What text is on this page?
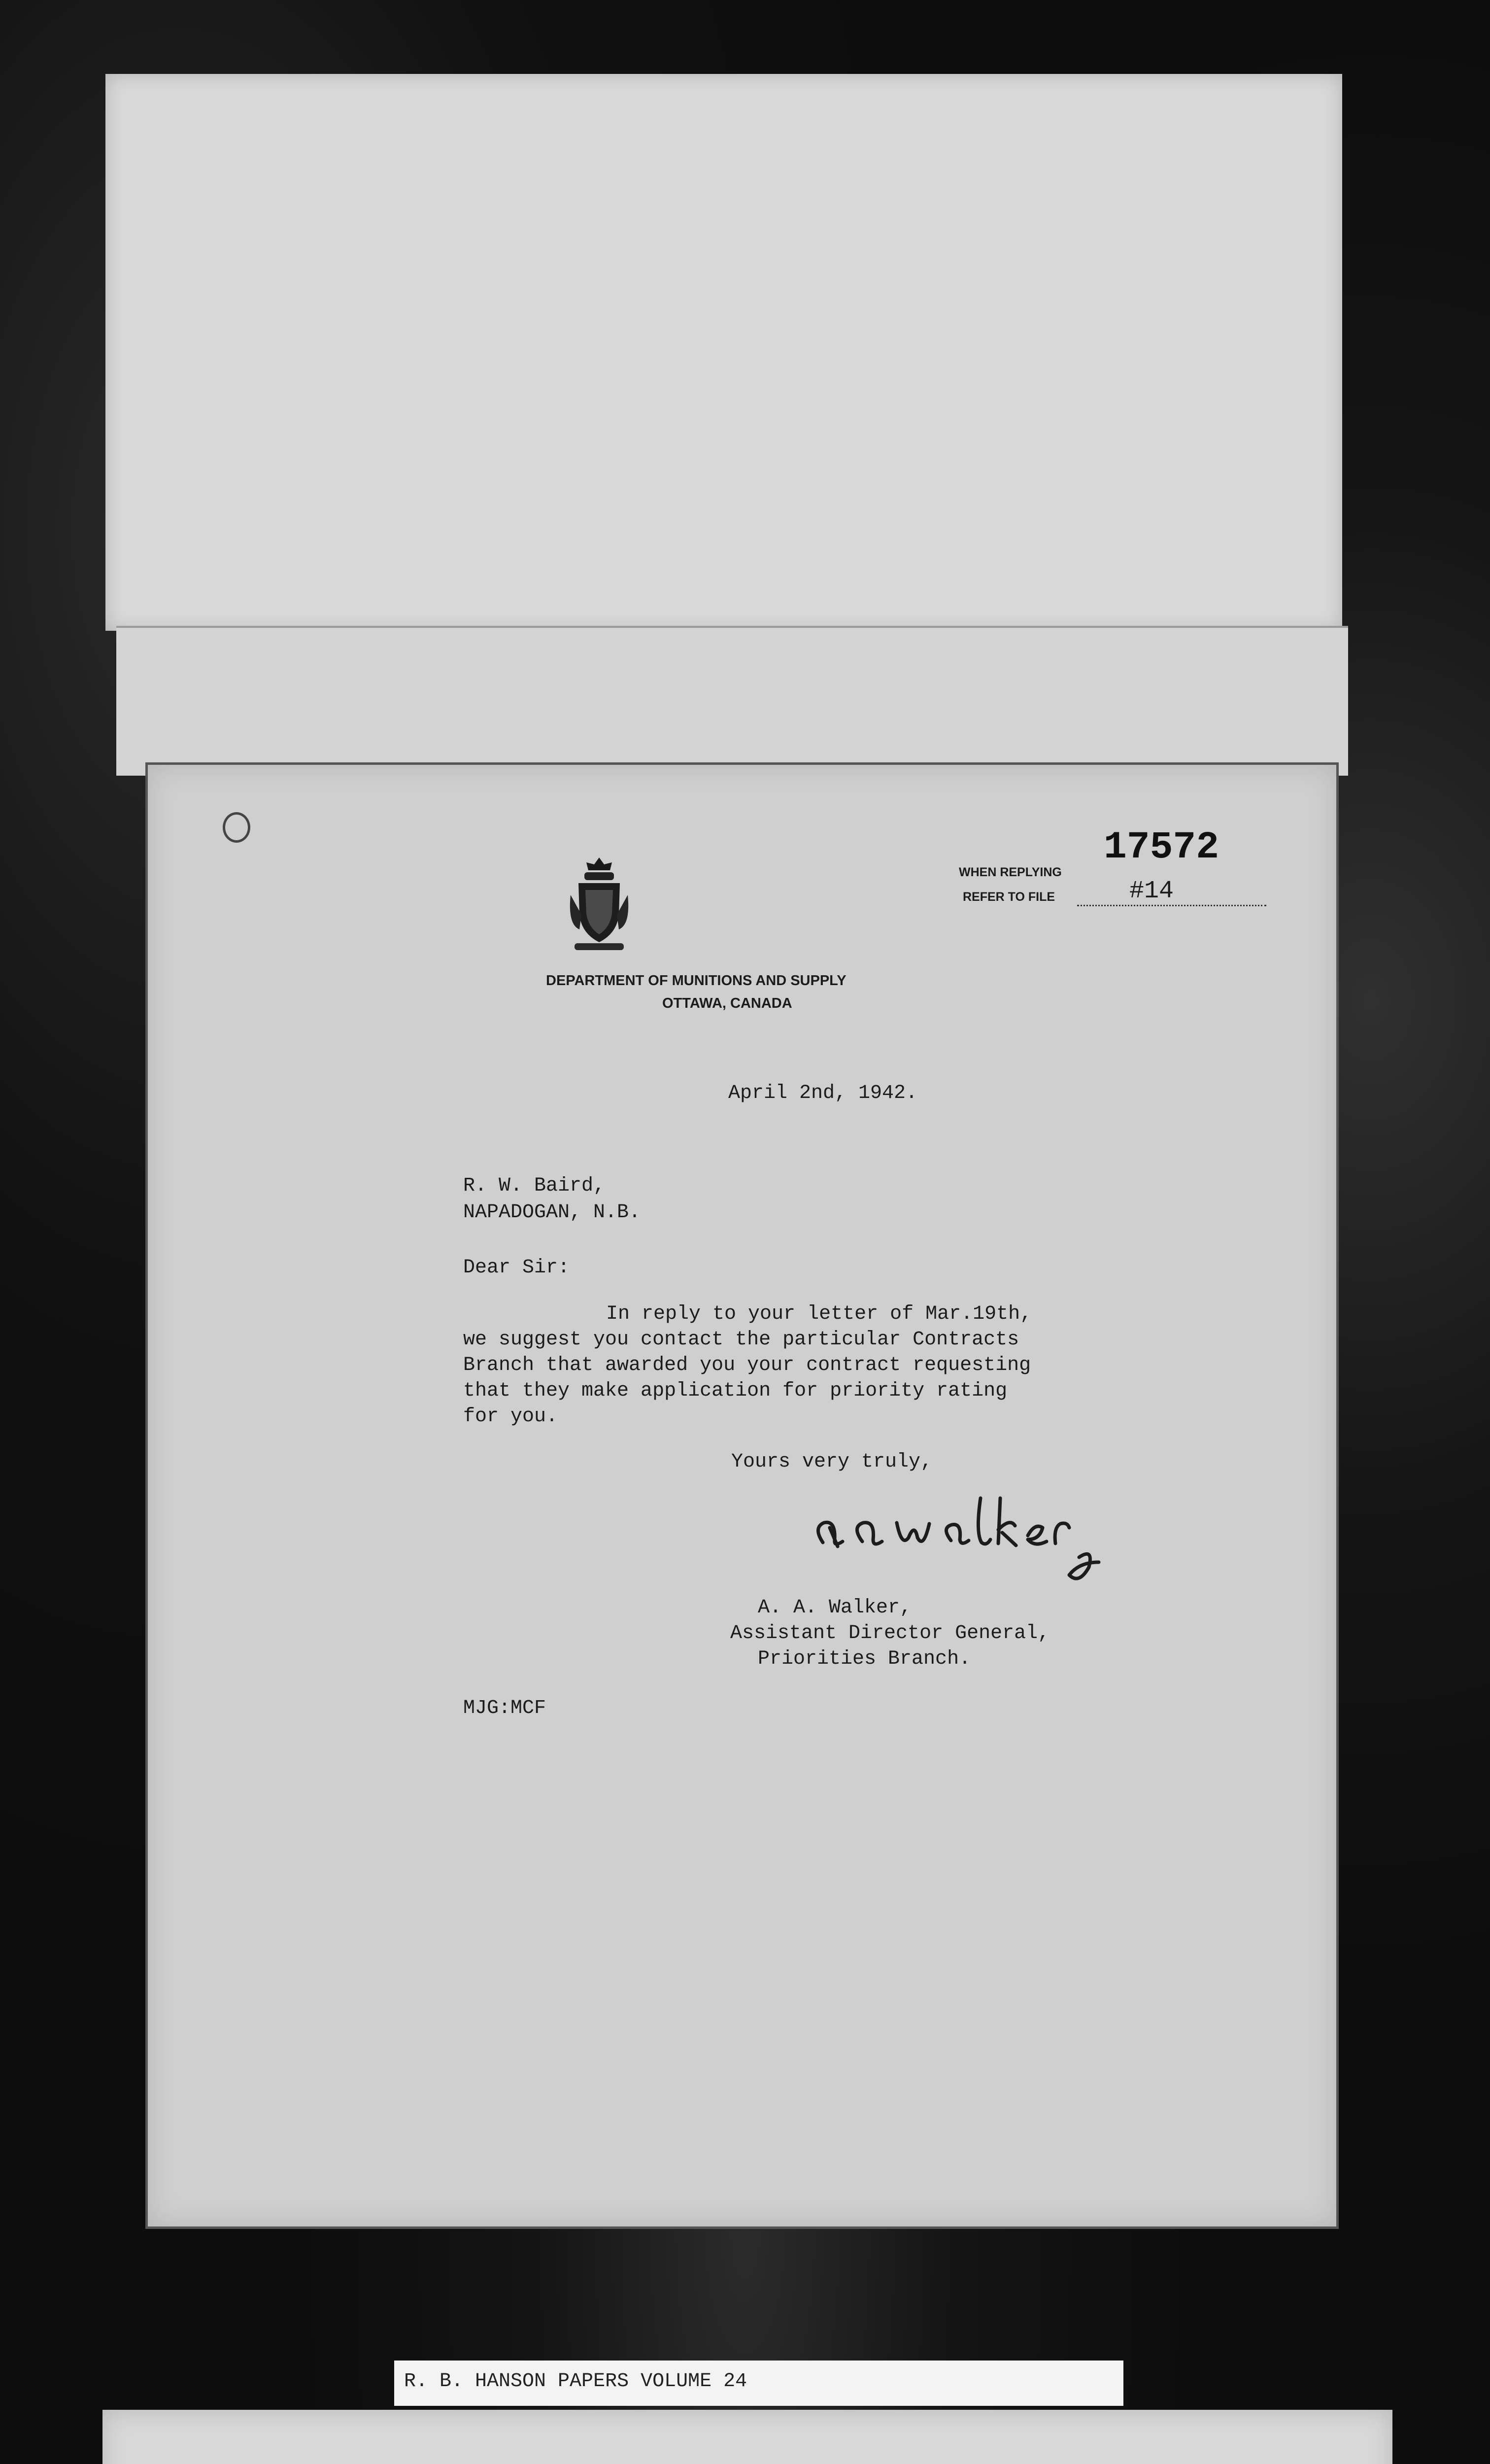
17572
WHEN REPLYING
REFER TO FILE	#14
DEPARTMENT OF MUNITIONS AND SUPPLY
OTTAWA, CANADA
April 2nd, 1942.
R. W. Baird,
NAPADOGAN, N.B.
Dear Sir:
In reply to your letter of Mar.19th,
we suggest you contact the particular Contracts
Branch that awarded you your contract requesting
that they make application for priority rating
for you.
Yours very truly,
A. A. Walker,
Assistant Director General,
Priorities Branch.
MJG:MCF
R. B. HANSON PAPERS VOLUME 24
